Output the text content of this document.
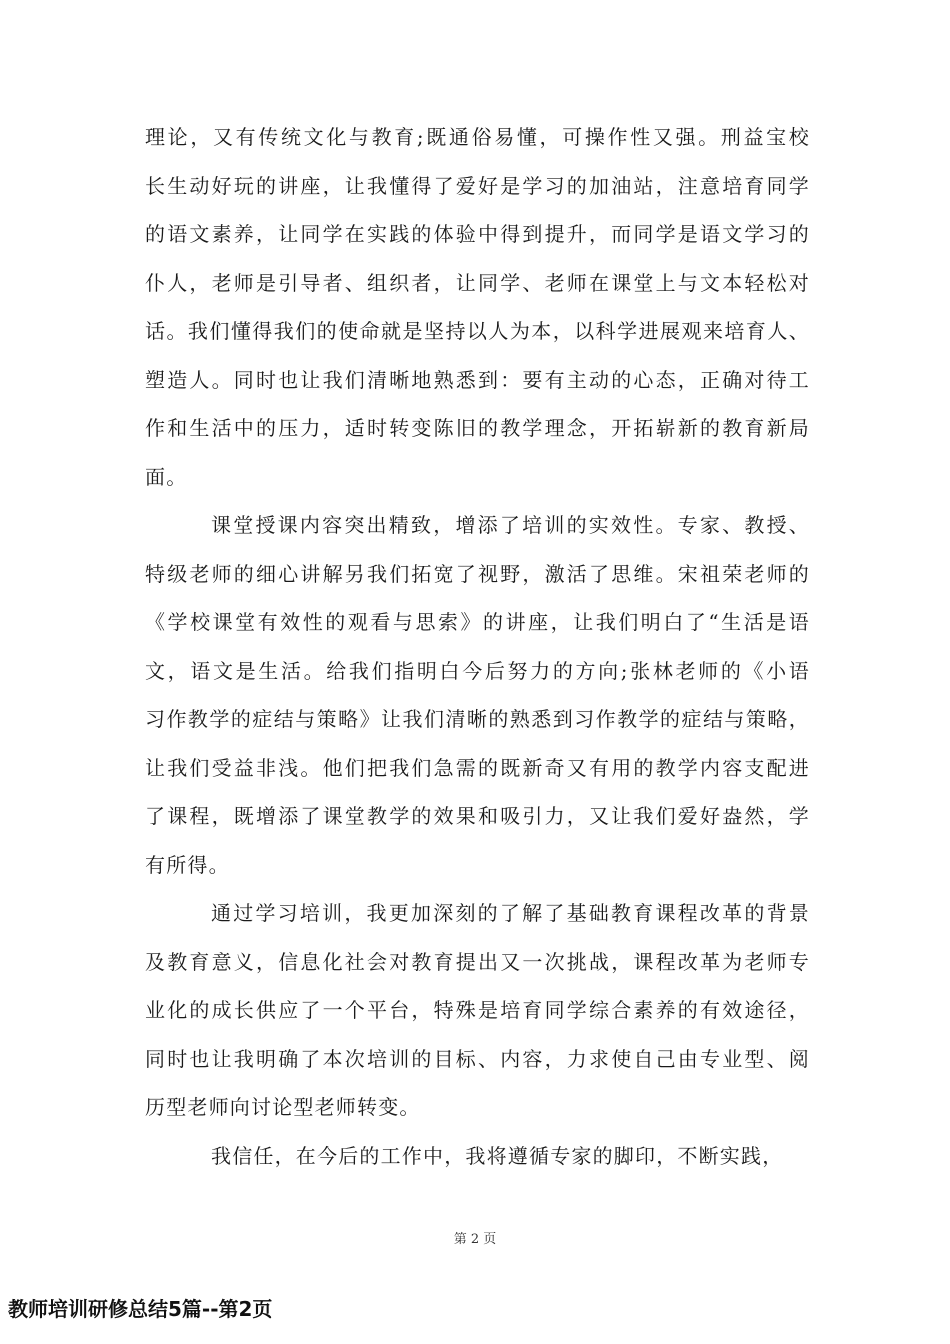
理论，又有传统文化与教育;既通俗易懂，可操作性又强。刑益宝校
长生动好玩的讲座，让我懂得了爱好是学习的加油站，注意培育同学
的语文素养，让同学在实践的体验中得到提升，而同学是语文学习的
仆人，老师是引导者、组织者，让同学、老师在课堂上与文本轻松对
话。我们懂得我们的使命就是坚持以人为本，以科学进展观来培育人、
塑造人。同时也让我们清晰地熟悉到：要有主动的心态，正确对待工
作和生活中的压力，适时转变陈旧的教学理念，开拓崭新的教育新局
面。
课堂授课内容突出精致，增添了培训的实效性。专家、教授、
特级老师的细心讲解另我们拓宽了视野，激活了思维。宋祖荣老师的
《学校课堂有效性的观看与思索》的讲座，让我们明白了“生活是语
文，语文是生活。给我们指明白今后努力的方向;张林老师的《小语
习作教学的症结与策略》让我们清晰的熟悉到习作教学的症结与策略，
让我们受益非浅。他们把我们急需的既新奇又有用的教学内容支配进
了课程，既增添了课堂教学的效果和吸引力，又让我们爱好盎然，学
有所得。
通过学习培训，我更加深刻的了解了基础教育课程改革的背景
及教育意义，信息化社会对教育提出又一次挑战，课程改革为老师专
业化的成长供应了一个平台，特殊是培育同学综合素养的有效途径，
同时也让我明确了本次培训的目标、内容，力求使自己由专业型、阅
历型老师向讨论型老师转变。
我信任，在今后的工作中，我将遵循专家的脚印，不断实践，
第 2 页
教师培训研修总结5篇--第2页
